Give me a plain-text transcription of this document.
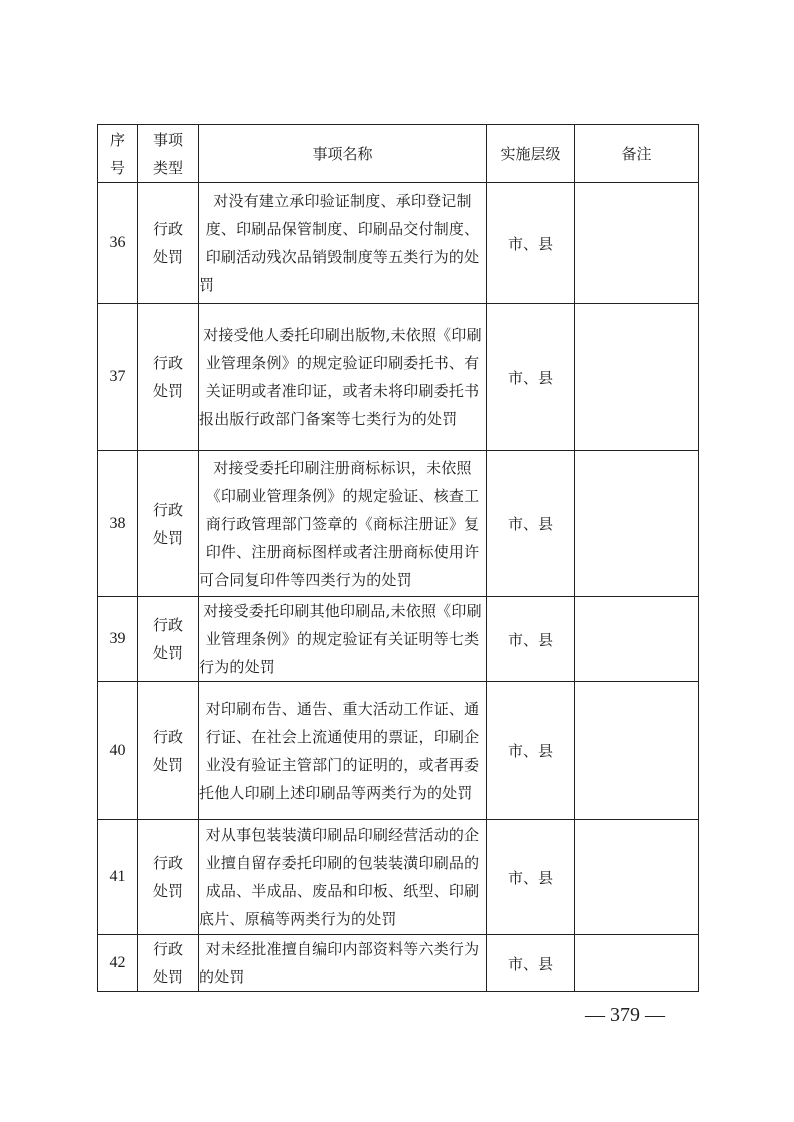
序号	事项类型	事项名称	实施层级	备注
36	行政处罚	对没有建立承印验证制度、承印登记制度、印刷品保管制度、印刷品交付制度、印刷活动残次品销毁制度等五类行为的处罚	市、县	
37	行政处罚	对接受他人委托印刷出版物,未依照《印刷业管理条例》的规定验证印刷委托书、有关证明或者准印证，或者未将印刷委托书报出版行政部门备案等七类行为的处罚	市、县	
38	行政处罚	对接受委托印刷注册商标标识，未依照《印刷业管理条例》的规定验证、核查工商行政管理部门签章的《商标注册证》复印件、注册商标图样或者注册商标使用许可合同复印件等四类行为的处罚	市、县	
39	行政处罚	对接受委托印刷其他印刷品,未依照《印刷业管理条例》的规定验证有关证明等七类行为的处罚	市、县	
40	行政处罚	对印刷布告、通告、重大活动工作证、通行证、在社会上流通使用的票证，印刷企业没有验证主管部门的证明的，或者再委托他人印刷上述印刷品等两类行为的处罚	市、县	
41	行政处罚	对从事包装装潢印刷品印刷经营活动的企业擅自留存委托印刷的包装装潢印刷品的成品、半成品、废品和印板、纸型、印刷底片、原稿等两类行为的处罚	市、县	
42	行政处罚	对未经批准擅自编印内部资料等六类行为的处罚	市、县	
— 379 —
